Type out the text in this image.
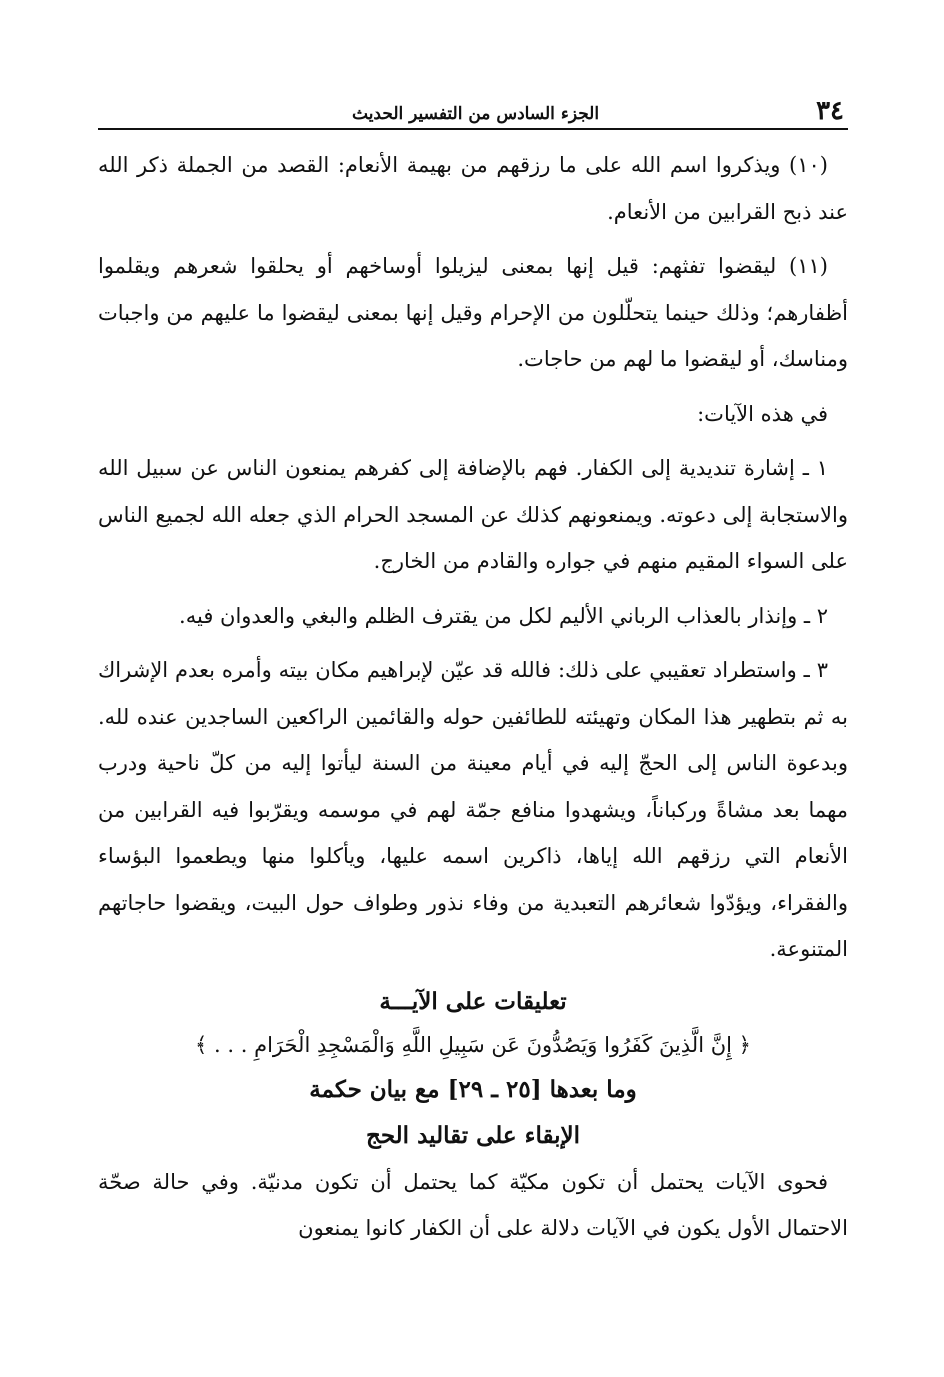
٣٤
الجزء السادس من التفسير الحديث

(١٠) ويذكروا اسم الله على ما رزقهم من بهيمة الأنعام: القصد من الجملة ذكر الله عند ذبح القرابين من الأنعام.

(١١) ليقضوا تفثهم: قيل إنها بمعنى ليزيلوا أوساخهم أو يحلقوا شعرهم ويقلموا أظفارهم؛ وذلك حينما يتحلّلون من الإحرام وقيل إنها بمعنى ليقضوا ما عليهم من واجبات ومناسك، أو ليقضوا ما لهم من حاجات.

في هذه الآيات:

١ ـ إشارة تنديدية إلى الكفار. فهم بالإضافة إلى كفرهم يمنعون الناس عن سبيل الله والاستجابة إلى دعوته. ويمنعونهم كذلك عن المسجد الحرام الذي جعله الله لجميع الناس على السواء المقيم منهم في جواره والقادم من الخارج.

٢ ـ وإنذار بالعذاب الرباني الأليم لكل من يقترف الظلم والبغي والعدوان فيه.

٣ ـ واستطراد تعقيبي على ذلك: فالله قد عيّن لإبراهيم مكان بيته وأمره بعدم الإشراك به ثم بتطهير هذا المكان وتهيئته للطائفين حوله والقائمين الراكعين الساجدين عنده لله. وبدعوة الناس إلى الحجّ إليه في أيام معينة من السنة ليأتوا إليه من كلّ ناحية ودرب مهما بعد مشاةً وركباناً، ويشهدوا منافع جمّة لهم في موسمه ويقرّبوا فيه القرابين من الأنعام التي رزقهم الله إياها، ذاكرين اسمه عليها، ويأكلوا منها ويطعموا البؤساء والفقراء، ويؤدّوا شعائرهم التعبدية من وفاء نذور وطواف حول البيت، ويقضوا حاجاتهم المتنوعة.

تعليقات على الآيـــة
﴿ إِنَّ الَّذِينَ كَفَرُوا وَيَصُدُّونَ عَن سَبِيلِ اللَّهِ وَالْمَسْجِدِ الْحَرَامِ . . . ﴾
وما بعدها [٢٥ ـ ٢٩] مع بيان حكمة
الإبقاء على تقاليد الحج

فحوى الآيات يحتمل أن تكون مكيّة كما يحتمل أن تكون مدنيّة. وفي حالة صحّة الاحتمال الأول يكون في الآيات دلالة على أن الكفار كانوا يمنعون
